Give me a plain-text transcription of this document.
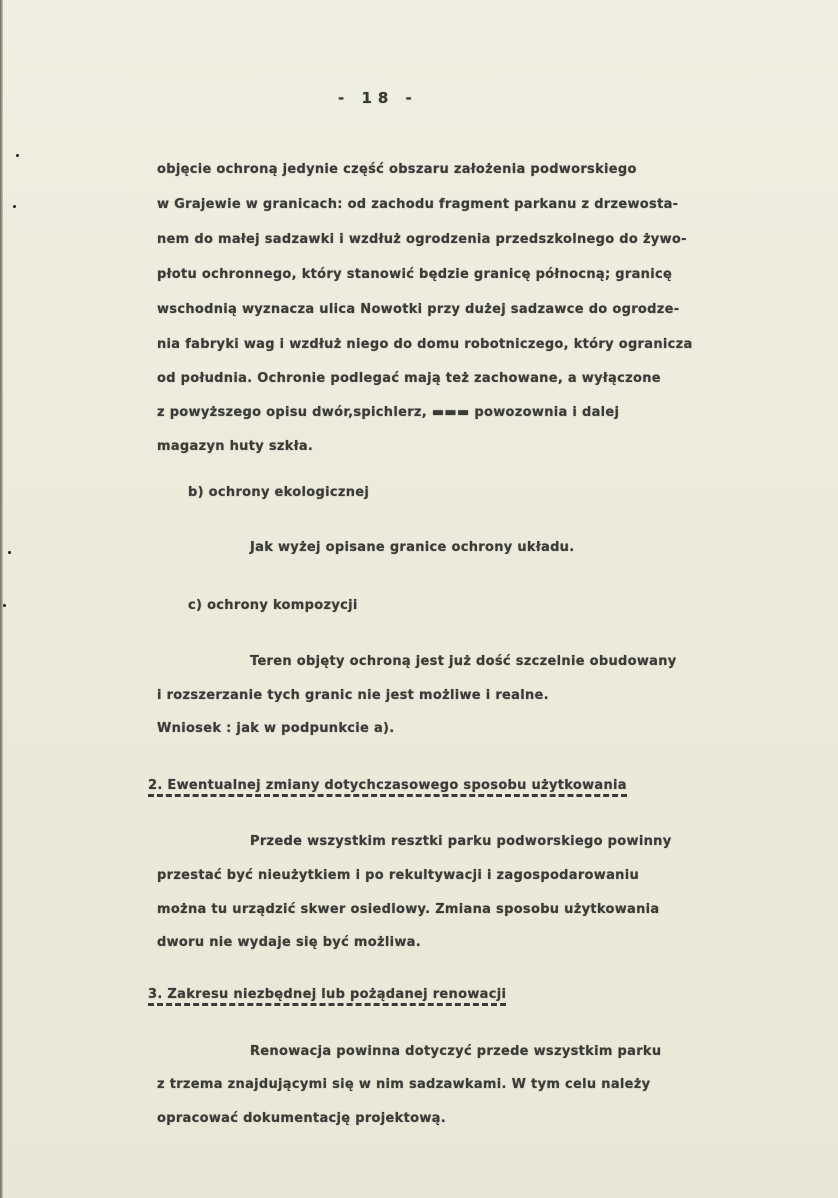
- 18 -
objęcie ochroną jedynie część obszaru założenia podworskiego
w Grajewie w granicach: od zachodu fragment parkanu z drzewosta-
nem do małej sadzawki i wzdłuż ogrodzenia przedszkolnego do żywo-
płotu ochronnego, który stanowić będzie granicę północną; granicę
wschodnią wyznacza ulica Nowotki przy dużej sadzawce do ogrodze-
nia fabryki wag i wzdłuż niego do domu robotniczego, który ogranicza
od południa. Ochronie podlegać mają też zachowane, a wyłączone
z powyższego opisu dwór,spichlerz, ▬▬▬ powozownia i dalej
magazyn huty szkła.
b) ochrony ekologicznej
Jak wyżej opisane granice ochrony układu.
c) ochrony kompozycji
Teren objęty ochroną jest już dość szczelnie obudowany
i rozszerzanie tych granic nie jest możliwe i realne.
Wniosek : jak w podpunkcie a).
2. Ewentualnej zmiany dotychczasowego sposobu użytkowania
Przede wszystkim resztki parku podworskiego powinny
przestać być nieużytkiem i po rekultywacji i zagospodarowaniu
można tu urządzić skwer osiedlowy. Zmiana sposobu użytkowania
dworu nie wydaje się być możliwa.
3. Zakresu niezbędnej lub pożądanej renowacji
Renowacja powinna dotyczyć przede wszystkim parku
z trzema znajdującymi się w nim sadzawkami. W tym celu należy
opracować dokumentację projektową.
